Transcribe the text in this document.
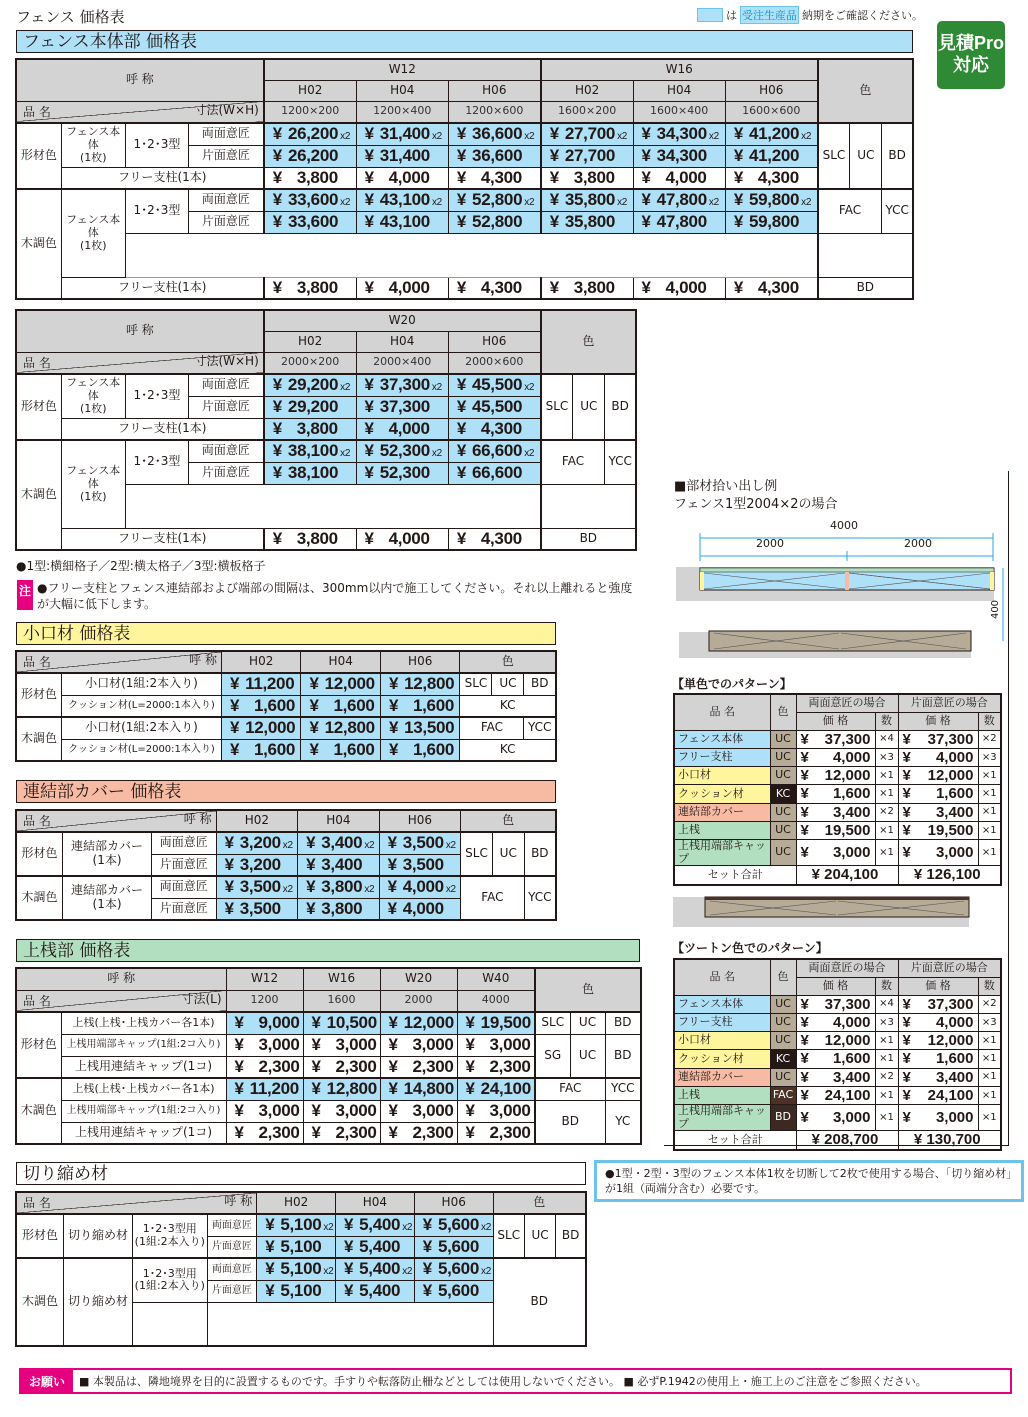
フェンス 価格表	は 受注生産品 納期をご確認ください。
見積Pro
対応
フェンス本体部 価格表
呼 称				W12			W16			色		
				H02	H04	H06	H02	H04	H06			

品 名 寸法(W×H)				1200×200	1200×400	1200×600	1600×200	1600×400	1600×600			
形材色	フェンス本体
(1枚)	1･2･3型	両面意匠	¥ 26,200 x2	¥ 31,400 x2	¥ 36,600 x2	¥ 27,700 x2	¥ 34,300 x2	¥ 41,200 x2	SLC	UC	BD
			片面意匠	¥ 26,200	¥ 31,400	¥ 36,600	¥ 27,700	¥ 34,300	¥ 41,200			
	フリー支柱(1本)			¥ 3,800	¥ 4,000	¥ 4,300	¥ 3,800	¥ 4,000	¥ 4,300			
木調色	フェンス本体
(1枚)	1･2･3型	両面意匠	¥ 33,600 x2	¥ 43,100 x2	¥ 52,800 x2	¥ 35,800 x2	¥ 47,800 x2	¥ 59,800 x2	FAC		YCC
			片面意匠	¥ 33,600	¥ 43,100	¥ 52,800	¥ 35,800	¥ 47,800	¥ 59,800			

	フリー支柱(1本)			¥ 3,800	¥ 4,000	¥ 4,300	¥ 3,800	¥ 4,000	¥ 4,300	BD		
呼 称				W20			色		
				H02	H04	H06			

品 名 寸法(W×H)				2000×200	2000×400	2000×600			
形材色	フェンス本体
(1枚)	1･2･3型	両面意匠	¥ 29,200 x2	¥ 37,300 x2	¥ 45,500 x2	SLC	UC	BD
			片面意匠	¥ 29,200	¥ 37,300	¥ 45,500			
	フリー支柱(1本)			¥ 3,800	¥ 4,000	¥ 4,300			
木調色	フェンス本体
(1枚)	1･2･3型	両面意匠	¥ 38,100 x2	¥ 52,300 x2	¥ 66,600 x2	FAC		YCC
			片面意匠	¥ 38,100	¥ 52,300	¥ 66,600			

	フリー支柱(1本)			¥ 3,800	¥ 4,000	¥ 4,300	BD		
●1型:横細格子／2型:横太格子／3型:横板格子
注 ●フリー支柱とフェンス連結部および端部の間隔は、300mm以内で施工してください。それ以上離れると強度が大幅に低下します。
小口材 価格表
品 名 呼 称		H02	H04	H06	色		
形材色	小口材(1組:2本入り)	¥ 11,200	¥ 12,000	¥ 12,800	SLC	UC	BD
	クッション材(L=2000:1本入り)	¥ 1,600	¥ 1,600	¥ 1,600	KC		
木調色	小口材(1組:2本入り)	¥ 12,000	¥ 12,800	¥ 13,500	FAC		YCC
	クッション材(L=2000:1本入り)	¥ 1,600	¥ 1,600	¥ 1,600	KC		
連結部カバー 価格表
品 名 呼 称			H02	H04	H06	色		
形材色	連結部カバー
(1本)	両面意匠	¥ 3,200 x2	¥ 3,400 x2	¥ 3,500 x2	SLC	UC	BD
		片面意匠	¥ 3,200	¥ 3,400	¥ 3,500			
木調色	連結部カバー
(1本)	両面意匠	¥ 3,500 x2	¥ 3,800 x2	¥ 4,000 x2	FAC		YCC
		片面意匠	¥ 3,500	¥ 3,800	¥ 4,000			
上桟部 価格表
呼 称		W12	W16	W20	W40	色		

品 名 寸法(L)		1200	1600	2000	4000			
形材色	上桟(上桟･上桟カバー各1本)	¥ 9,000	¥ 10,500	¥ 12,000	¥ 19,500	SLC	UC	BD
	上桟用端部キャップ(1組:2コ入り)	¥ 3,000	¥ 3,000	¥ 3,000	¥ 3,000	SG	UC	BD
	上桟用連結キャップ(1コ)	¥ 2,300	¥ 2,300	¥ 2,300	¥ 2,300			
木調色	上桟(上桟･上桟カバー各1本)	¥ 11,200	¥ 12,800	¥ 14,800	¥ 24,100	FAC		YCC
	上桟用端部キャップ(1組:2コ入り)	¥ 3,000	¥ 3,000	¥ 3,000	¥ 3,000	BD		YC
	上桟用連結キャップ(1コ)	¥ 2,300	¥ 2,300	¥ 2,300	¥ 2,300			
切り縮め材
品 名 呼 称				H02	H04	H06	色		
形材色	切り縮め材	1･2･3型用
(1組:2本入り)	両面意匠	¥ 5,100 x2	¥ 5,400 x2	¥ 5,600 x2	SLC	UC	BD
			片面意匠	¥ 5,100	¥ 5,400	¥ 5,600			
木調色	切り縮め材	1･2･3型用
(1組:2本入り)	両面意匠	¥ 5,100 x2	¥ 5,400 x2	¥ 5,600 x2	BD		
			片面意匠	¥ 5,100	¥ 5,400	¥ 5,600			

●1型・2型・3型のフェンス本体1枚を切断して2枚で使用する場合、「切り縮め材」が1組（両端分含む）必要です。
■部材拾い出し例
フェンス1型2004×2の場合
4000
2000	2000
400
【単色でのパターン】
品 名	色	両面意匠の場合		片面意匠の場合	
		価 格	数	価 格	数
フェンス本体	UC	¥ 37,300	×4	¥ 37,300	×2
フリー支柱	UC	¥ 4,000	×3	¥ 4,000	×3
小口材	UC	¥ 12,000	×1	¥ 12,000	×1
クッション材	KC	¥ 1,600	×1	¥ 1,600	×1
連結部カバー	UC	¥ 3,400	×2	¥ 3,400	×1
上桟	UC	¥ 19,500	×1	¥ 19,500	×1
上桟用端部キャップ	UC	¥ 3,000	×1	¥ 3,000	×1
セット合計		¥ 204,100		¥ 126,100	
【ツートン色でのパターン】
品 名	色	両面意匠の場合		片面意匠の場合	
		価 格	数	価 格	数
フェンス本体	UC	¥ 37,300	×4	¥ 37,300	×2
フリー支柱	UC	¥ 4,000	×3	¥ 4,000	×3
小口材	UC	¥ 12,000	×1	¥ 12,000	×1
クッション材	KC	¥ 1,600	×1	¥ 1,600	×1
連結部カバー	UC	¥ 3,400	×2	¥ 3,400	×1
上桟	FAC	¥ 24,100	×1	¥ 24,100	×1
上桟用端部キャップ	BD	¥ 3,000	×1	¥ 3,000	×1
セット合計		¥ 208,700		¥ 130,700	
お願い	■ 本製品は、隣地境界を目的に設置するものです。手すりや転落防止柵などとしては使用しないでください。 ■ 必ずP.1942の使用上・施工上のご注意をご参照ください。
